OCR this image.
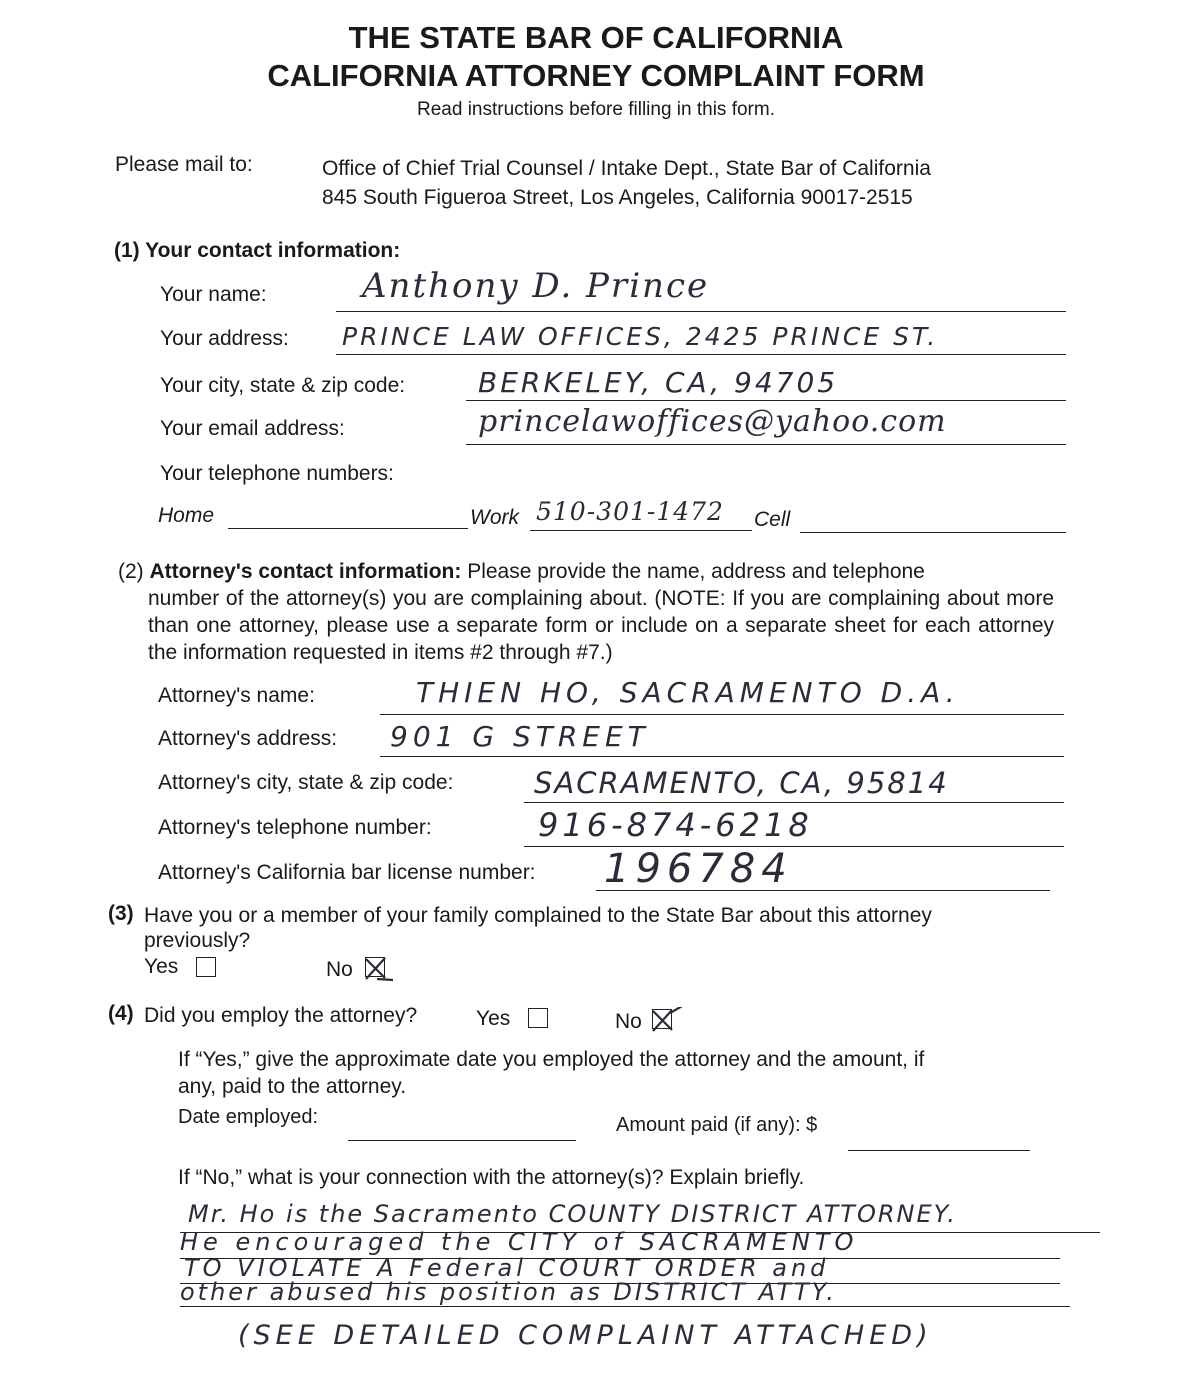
THE STATE BAR OF CALIFORNIA
CALIFORNIA ATTORNEY COMPLAINT FORM
Read instructions before filling in this form.
Please mail to:	Office of Chief Trial Counsel / Intake Dept., State Bar of California
845 South Figueroa Street, Los Angeles, California 90017-2515
(1) Your contact information:
Your name:	Anthony D. Prince
Your address: PRINCE LAW OFFICES, 2425 PRINCE ST.
Your city, state & zip code:	BERKELEY, CA, 94705
Your email address:	princelawoffices@yahoo.com
Your telephone numbers:
Home	Work 510-301-1472 Cell
(2) Attorney's contact information: Please provide the name, address and telephone
number of the attorney(s) you are complaining about. (NOTE: If you are complaining about more than one attorney, please use a separate form or include on a separate sheet for each attorney the information requested in items #2 through #7.)
Attorney's name:	THIEN HO, SACRAMENTO D.A.
Attorney's address: 901 G STREET
Attorney's city, state & zip code:	SACRAMENTO, CA, 95814
Attorney's telephone number:	916-874-6218
Attorney's California bar license number: 196784
(3) Have you or a member of your family complained to the State Bar about this attorney
previously?
Yes	No
(4) Did you employ the attorney?	Yes	No
If “Yes,” give the approximate date you employed the attorney and the amount, if any, paid to the attorney.
Date employed:	Amount paid (if any): $
If “No,” what is your connection with the attorney(s)? Explain briefly.
Mr. Ho is the Sacramento COUNTY DISTRICT ATTORNEY.
He encouraged the CITY of SACRAMENTO
TO VIOLATE A Federal COURT ORDER and
other abused his position as DISTRICT ATTY.
(SEE DETAILED COMPLAINT ATTACHED)
